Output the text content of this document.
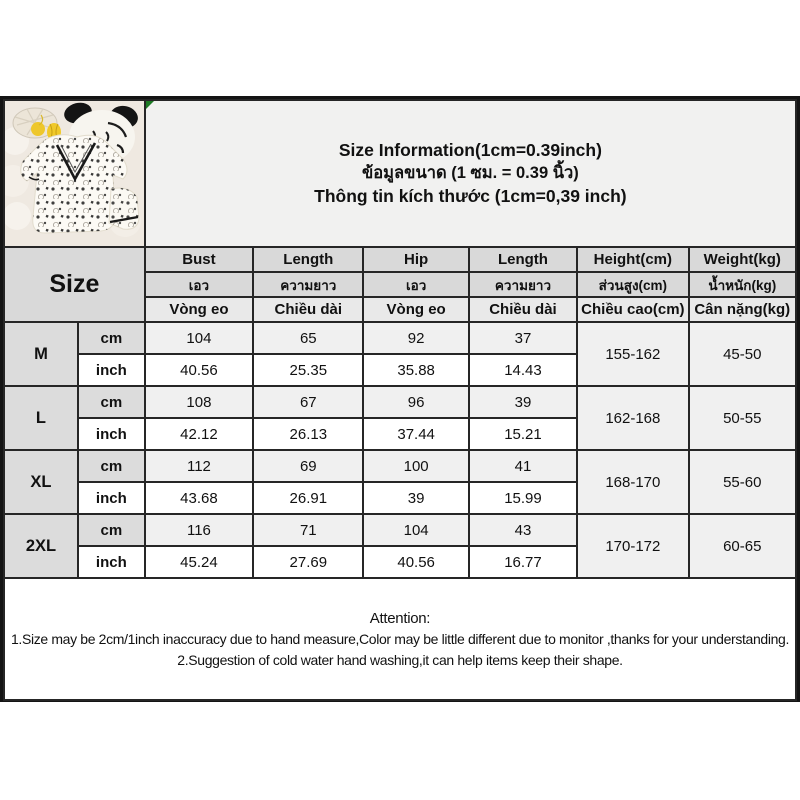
Size Information(1cm=0.39inch)
ข้อมูลขนาด (1 ซม. = 0.39 นิ้ว)
Thông tin kích thước (1cm=0,39 inch)					

Size		Bust	Length	Hip	Length	Height(cm)	Weight(kg)
		เอว	ความยาว	เอว	ความยาว	ส่วนสูง(cm)	น้ำหนัก(kg)
		Vòng eo	Chiều dài	Vòng eo	Chiều dài	Chiều cao(cm)	Cân nặng(kg)
M	cm	104	65	92	37	155-162	45-50
	inch	40.56	25.35	35.88	14.43		
L	cm	108	67	96	39	162-168	50-55
	inch	42.12	26.13	37.44	15.21		
XL	cm	112	69	100	41	168-170	55-60
	inch	43.68	26.91	39	15.99		
2XL	cm	116	71	104	43	170-172	60-65
	inch	45.24	27.69	40.56	16.77		

Attention:
1.Size may be 2cm/1inch inaccuracy due to hand measure,Color may be little different due to monitor ,thanks for your understanding.
2.Suggestion of cold water hand washing,it can help items keep their shape.							
